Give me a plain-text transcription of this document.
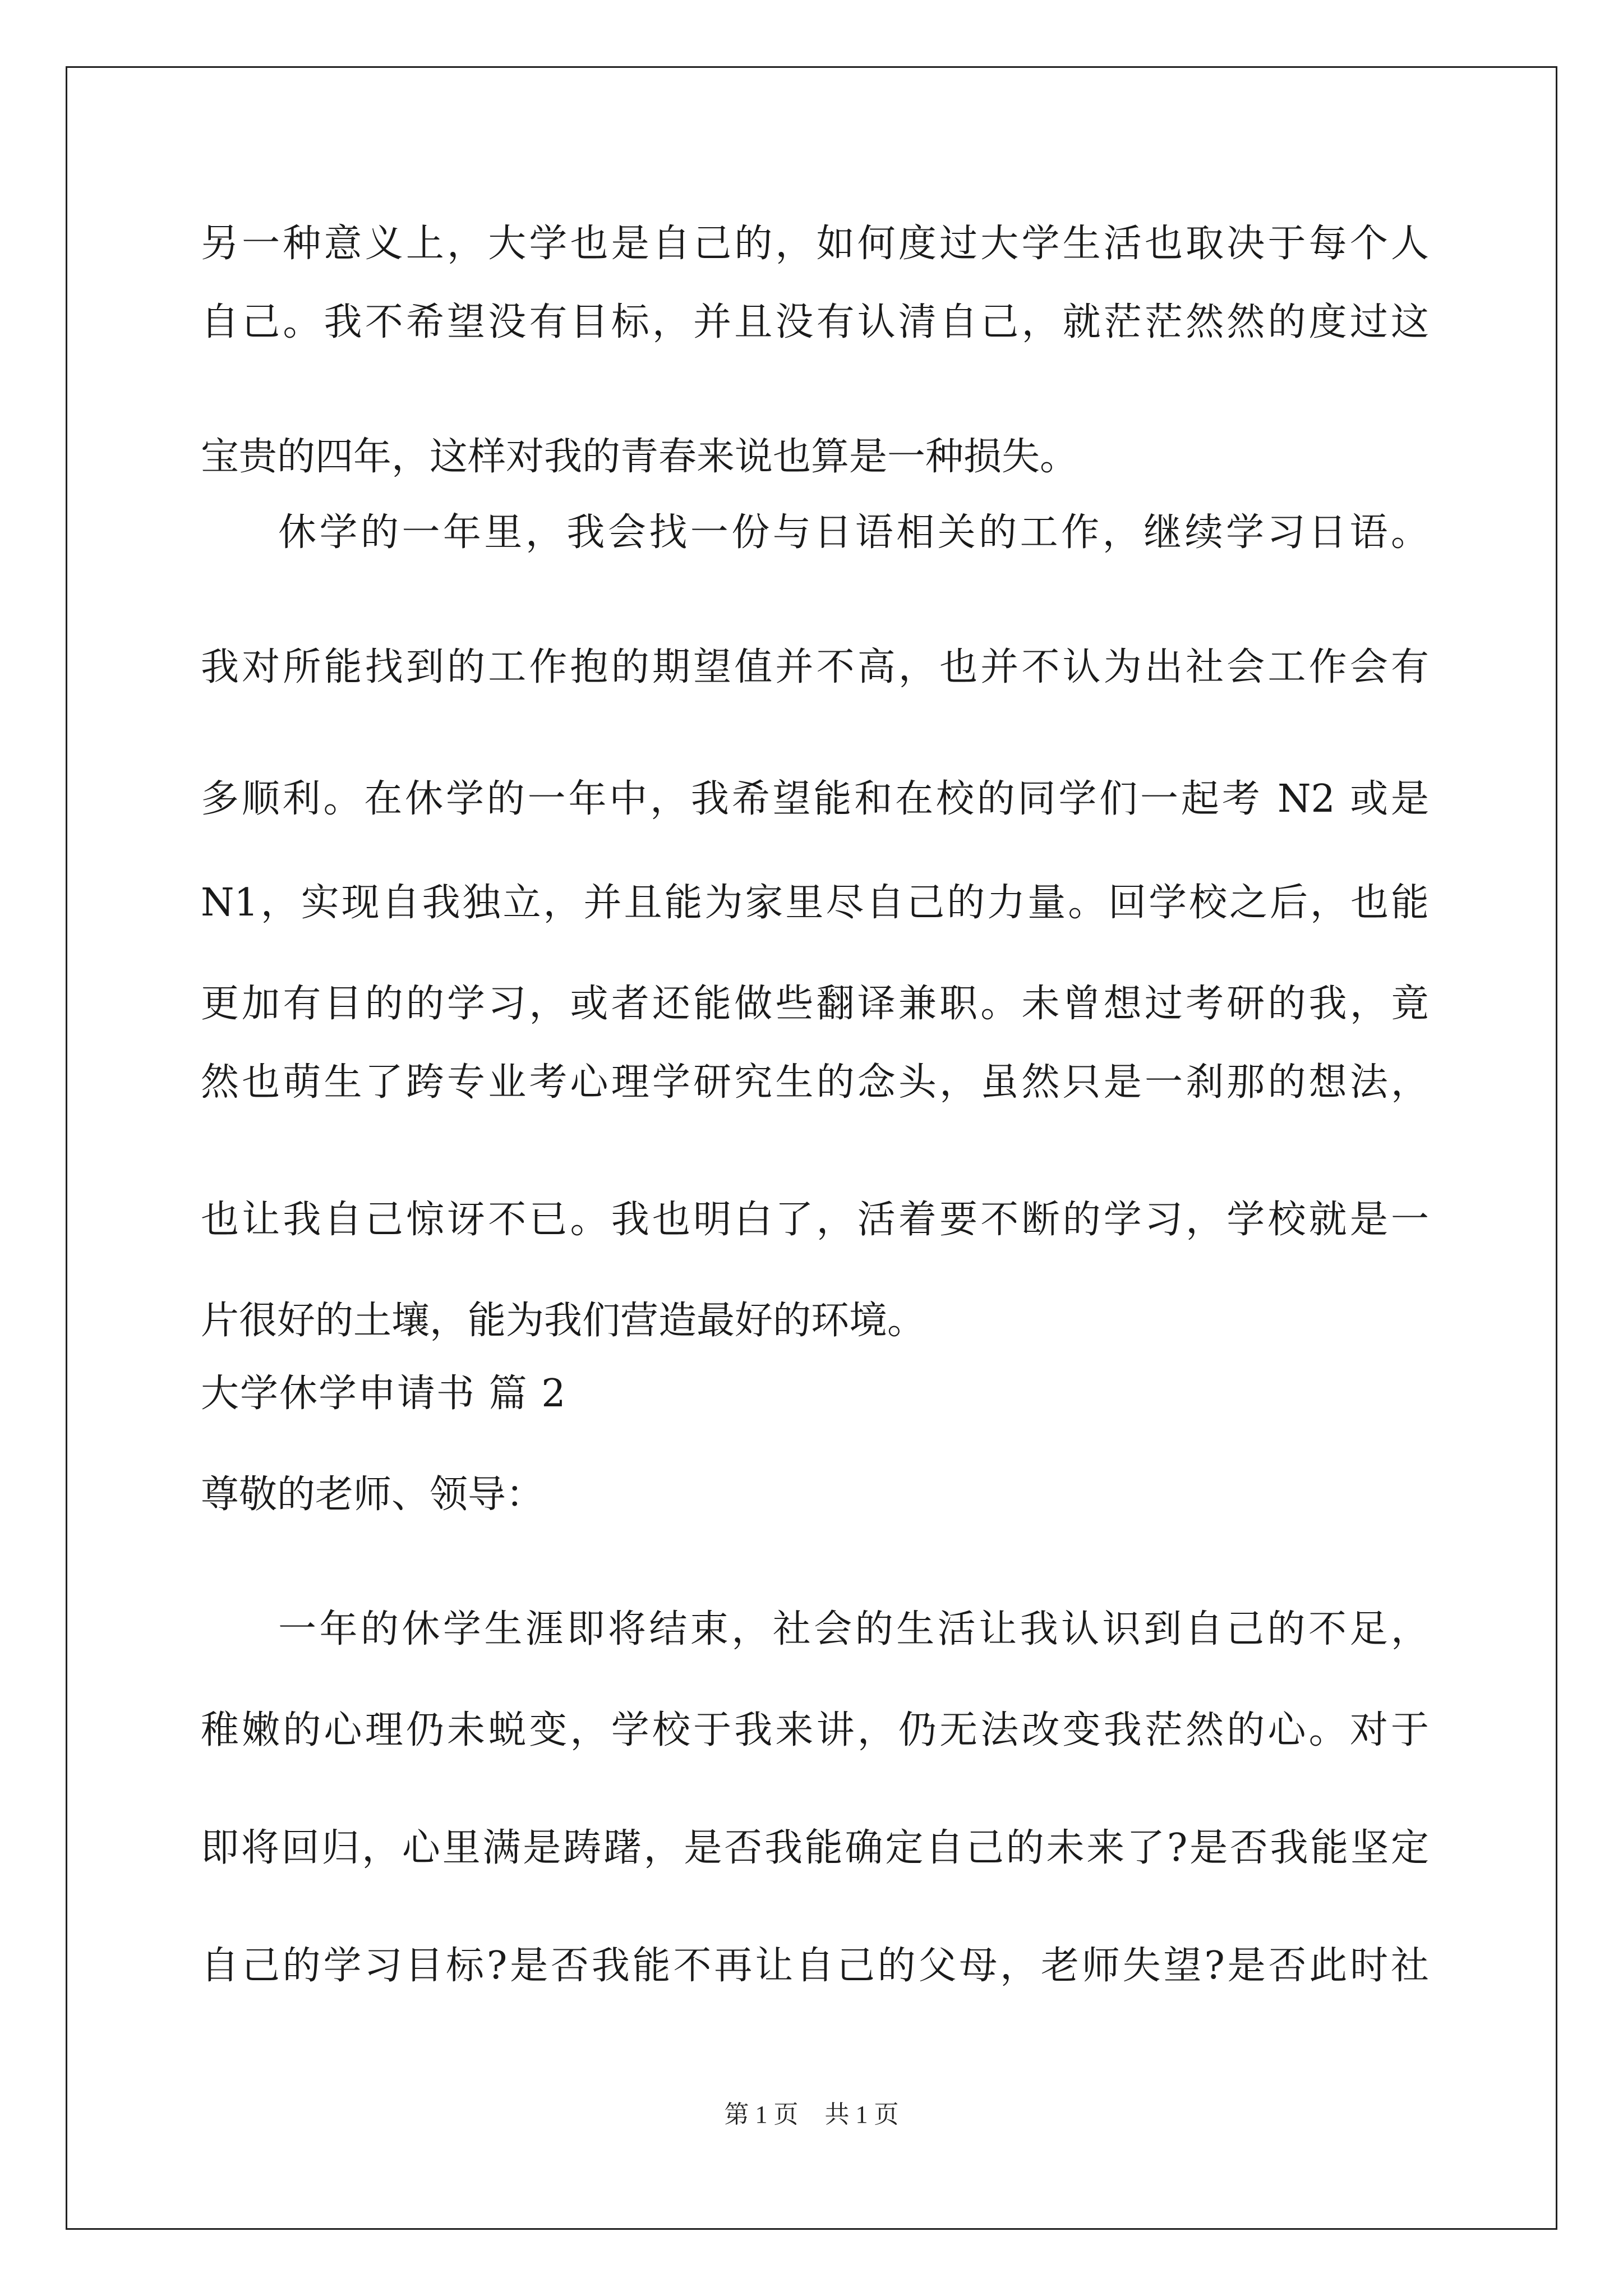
另一种意义上，大学也是自己的，如何度过大学生活也取决于每个人
自己。我不希望没有目标，并且没有认清自己，就茫茫然然的度过这
宝贵的四年，这样对我的青春来说也算是一种损失。
休学的一年里，我会找一份与日语相关的工作，继续学习日语。
我对所能找到的工作抱的期望值并不高，也并不认为出社会工作会有
多顺利。在休学的一年中，我希望能和在校的同学们一起考 N2 或是
N1，实现自我独立，并且能为家里尽自己的力量。回学校之后，也能
更加有目的的学习，或者还能做些翻译兼职。未曾想过考研的我，竟
然也萌生了跨专业考心理学研究生的念头，虽然只是一刹那的想法，
也让我自己惊讶不已。我也明白了，活着要不断的学习，学校就是一
片很好的土壤，能为我们营造最好的环境。
大学休学申请书 篇 2
尊敬的老师、领导：
一年的休学生涯即将结束，社会的生活让我认识到自己的不足，
稚嫩的心理仍未蜕变，学校于我来讲，仍无法改变我茫然的心。对于
即将回归，心里满是踌躇，是否我能确定自己的未来了?是否我能坚定
自己的学习目标?是否我能不再让自己的父母，老师失望?是否此时社
第 1 页 共 1 页
